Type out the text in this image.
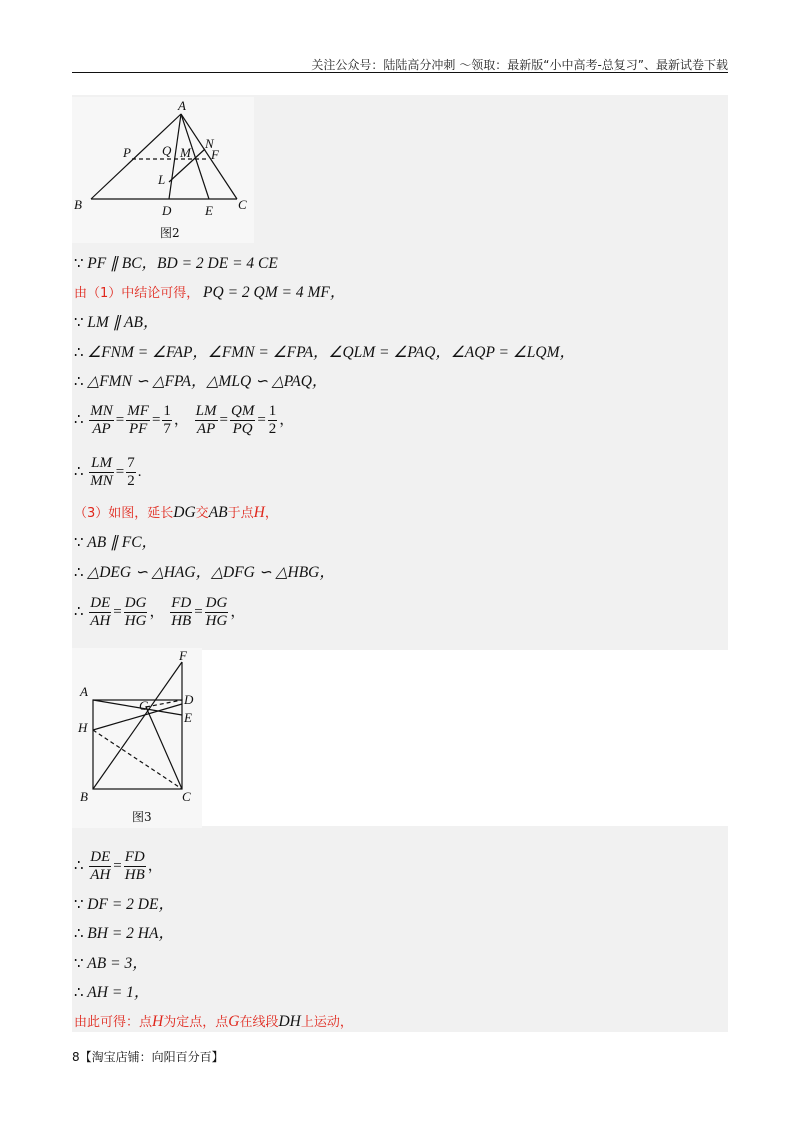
关注公众号：陆陆高分冲刺 ～领取：最新版“小中高考-总复习”、最新试卷下载
A
P Q M
N
F
L
B	D	E C
图2
∵ PF ∥ BC，BD = 2 DE = 4 CE
由（1）中结论可得， PQ = 2 QM = 4 MF，
∵ LM ∥ AB，
∴ ∠FNM = ∠FAP，∠FMN = ∠FPA，∠QLM = ∠PAQ，∠AQP = ∠LQM，
∴ △FMN ∽ △FPA，△MLQ ∽ △PAQ，
∴ $\frac{MN}{AP} = \frac{MF}{PF} = \frac{1}{7}$ ， $\frac{LM}{AP} = \frac{QM}{PQ} = \frac{1}{2}$ ，
∴ $\frac{LM}{MN} = \frac{7}{2}$ .
（3）如图，延长DG交AB于点H，
∵ AB ∥ FC，
∴ △DEG ∽ △HAG，△DFG ∽ △HBG，
∴ $\frac{DE}{AH} = \frac{DG}{HG}$ ， $\frac{FD}{HB} = \frac{DG}{HG}$ ，
F
A
D
G
E
H
B	C
图3
∴ $\frac{DE}{AH} = \frac{FD}{HB}$ ，
∵ DF = 2 DE，
∴ BH = 2 HA，
∵ AB = 3，
∴ AH = 1，
由此可得：点H为定点，点G在线段DH上运动，
8【淘宝店铺：向阳百分百】
